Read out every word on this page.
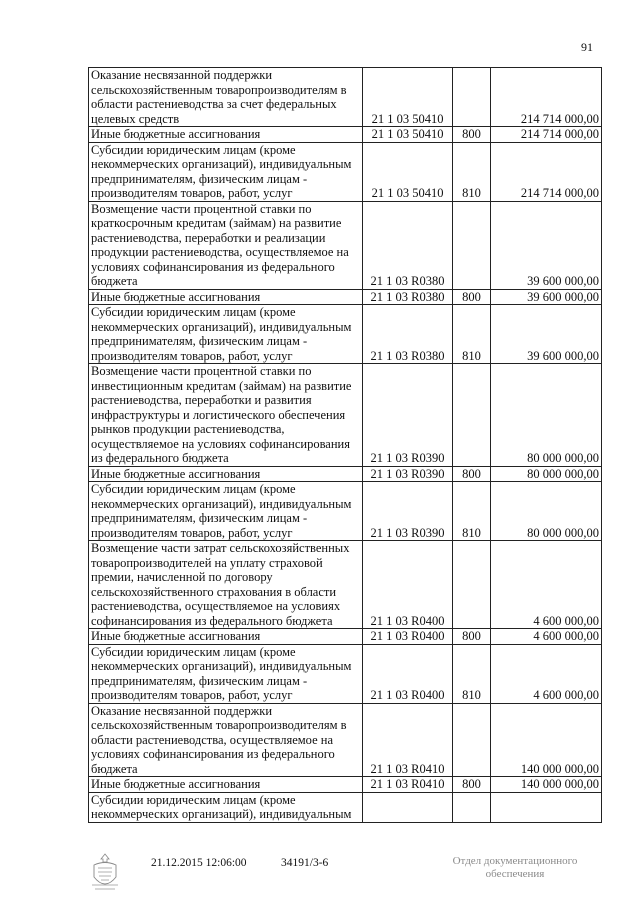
91
Оказание несвязанной поддержки сельскохозяйственным товаропроизводителям в области растениеводства за счет федеральных целевых средств	21 1 03 50410		214 714 000,00
Иные бюджетные ассигнования	21 1 03 50410	800	214 714 000,00
Субсидии юридическим лицам (кроме некоммерческих организаций), индивидуальным предпринимателям, физическим лицам - производителям товаров, работ, услуг	21 1 03 50410	810	214 714 000,00
Возмещение части процентной ставки по краткосрочным кредитам (займам) на развитие растениеводства, переработки и реализации продукции растениеводства, осуществляемое на условиях софинансирования из федерального бюджета	21 1 03 R0380		39 600 000,00
Иные бюджетные ассигнования	21 1 03 R0380	800	39 600 000,00
Субсидии юридическим лицам (кроме некоммерческих организаций), индивидуальным предпринимателям, физическим лицам - производителям товаров, работ, услуг	21 1 03 R0380	810	39 600 000,00
Возмещение части процентной ставки по инвестиционным кредитам (займам) на развитие растениеводства, переработки и развития инфраструктуры и логистического обеспечения рынков продукции растениеводства, осуществляемое на условиях софинансирования из федерального бюджета	21 1 03 R0390		80 000 000,00
Иные бюджетные ассигнования	21 1 03 R0390	800	80 000 000,00
Субсидии юридическим лицам (кроме некоммерческих организаций), индивидуальным предпринимателям, физическим лицам - производителям товаров, работ, услуг	21 1 03 R0390	810	80 000 000,00
Возмещение части затрат сельскохозяйственных товаропроизводителей на уплату страховой премии, начисленной по договору сельскохозяйственного страхования в области растениеводства, осуществляемое на условиях софинансирования из федерального бюджета	21 1 03 R0400		4 600 000,00
Иные бюджетные ассигнования	21 1 03 R0400	800	4 600 000,00
Субсидии юридическим лицам (кроме некоммерческих организаций), индивидуальным предпринимателям, физическим лицам - производителям товаров, работ, услуг	21 1 03 R0400	810	4 600 000,00
Оказание несвязанной поддержки сельскохозяйственным товаропроизводителям в области растениеводства, осуществляемое на условиях софинансирования из федерального бюджета	21 1 03 R0410		140 000 000,00
Иные бюджетные ассигнования	21 1 03 R0410	800	140 000 000,00
Субсидии юридическим лицам (кроме некоммерческих организаций), индивидуальным			
21.12.2015 12:06:00	34191/3-6	Отдел документационного
обеспечения
